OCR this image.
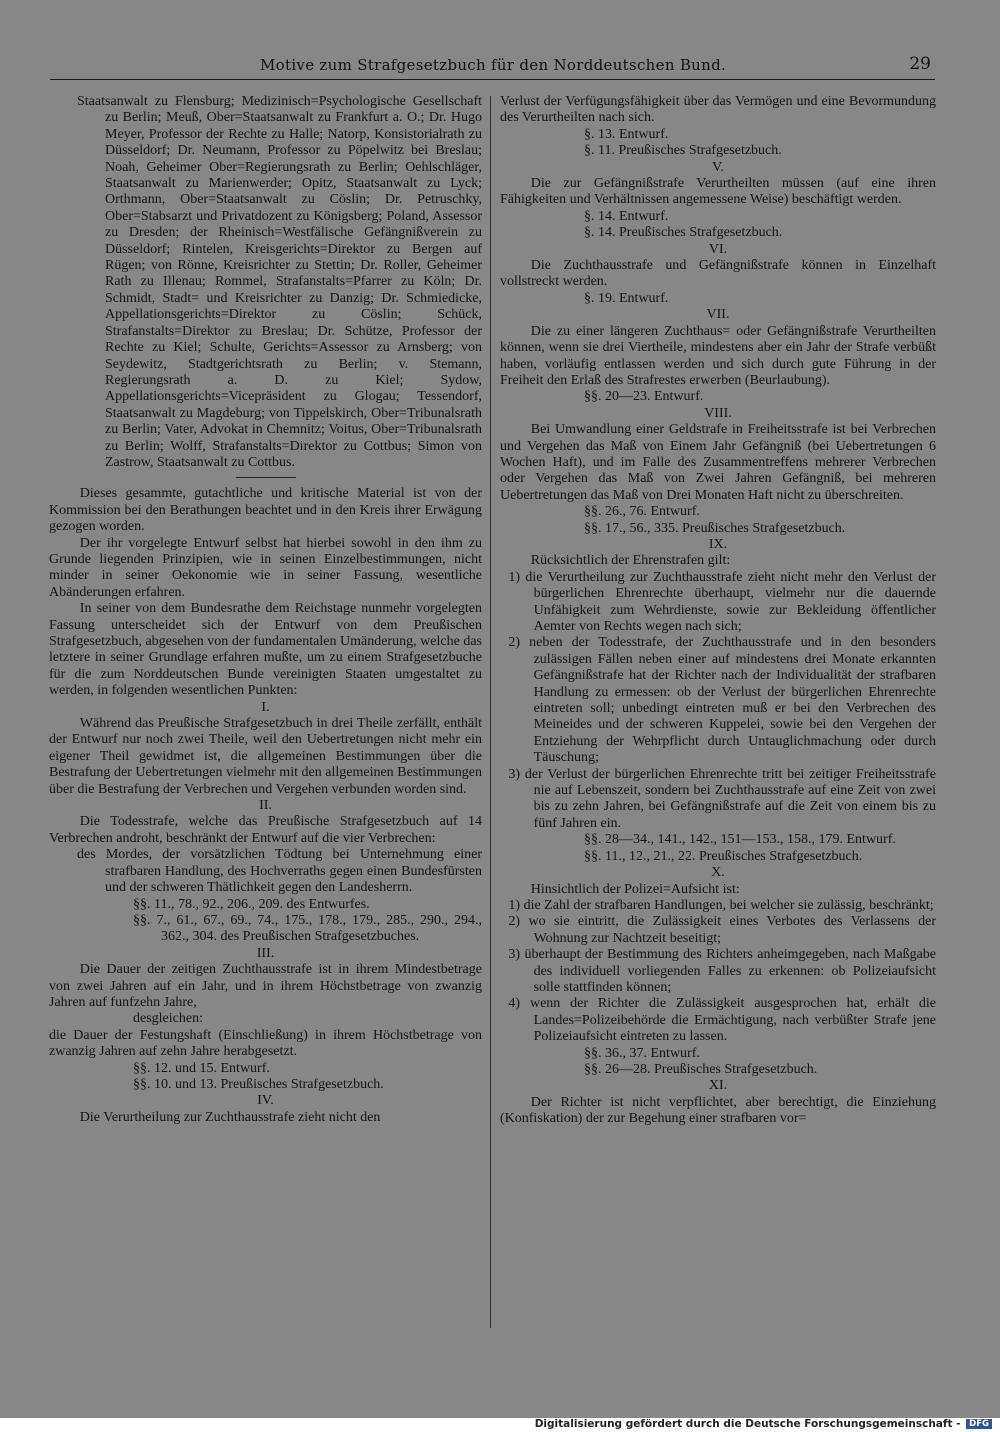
Motive zum Strafgesetzbuch für den Norddeutschen Bund.	29

Staatsanwalt zu Flensburg; Medizinisch=Psychologische Gesellschaft zu Berlin; Meuß, Ober=Staatsanwalt zu Frankfurt a. O.; Dr. Hugo Meyer, Professor der Rechte zu Halle; Natorp, Konsistorialrath zu Düsseldorf; Dr. Neumann, Professor zu Pöpelwitz bei Breslau; Noah, Geheimer Ober=Regierungsrath zu Berlin; Oehlschläger, Staatsanwalt zu Marienwerder; Opitz, Staatsanwalt zu Lyck; Orthmann, Ober=Staatsanwalt zu Cöslin; Dr. Petruschky, Ober=Stabsarzt und Privatdozent zu Königsberg; Poland, Assessor zu Dresden; der Rheinisch=Westfälische Gefängnißverein zu Düsseldorf; Rintelen, Kreisgerichts=Direktor zu Bergen auf Rügen; von Rönne, Kreisrichter zu Stettin; Dr. Roller, Geheimer Rath zu Illenau; Rommel, Strafanstalts=Pfarrer zu Köln; Dr. Schmidt, Stadt= und Kreisrichter zu Danzig; Dr. Schmiedicke, Appellationsgerichts=Direktor zu Cöslin; Schück, Strafanstalts=Direktor zu Breslau; Dr. Schütze, Professor der Rechte zu Kiel; Schulte, Gerichts=Assessor zu Arnsberg; von Seydewitz, Stadtgerichtsrath zu Berlin; v. Stemann, Regierungsrath a. D. zu Kiel; Sydow, Appellationsgerichts=Vicepräsident zu Glogau; Tessendorf, Staatsanwalt zu Magdeburg; von Tippelskirch, Ober=Tribunalsrath zu Berlin; Vater, Advokat in Chemnitz; Voitus, Ober=Tribunalsrath zu Berlin; Wolff, Strafanstalts=Direktor zu Cottbus; Simon von Zastrow, Staatsanwalt zu Cottbus.

Dieses gesammte, gutachtliche und kritische Material ist von der Kommission bei den Berathungen beachtet und in den Kreis ihrer Erwägung gezogen worden.

Der ihr vorgelegte Entwurf selbst hat hierbei sowohl in den ihm zu Grunde liegenden Prinzipien, wie in seinen Einzelbestimmungen, nicht minder in seiner Oekonomie wie in seiner Fassung, wesentliche Abänderungen erfahren.

In seiner von dem Bundesrathe dem Reichstage nunmehr vorgelegten Fassung unterscheidet sich der Entwurf von dem Preußischen Strafgesetzbuch, abgesehen von der fundamentalen Umänderung, welche das letztere in seiner Grundlage erfahren mußte, um zu einem Strafgesetzbuche für die zum Norddeutschen Bunde vereinigten Staaten umgestaltet zu werden, in folgenden wesentlichen Punkten:

I.

Während das Preußische Strafgesetzbuch in drei Theile zerfällt, enthält der Entwurf nur noch zwei Theile, weil den Uebertretungen nicht mehr ein eigener Theil gewidmet ist, die allgemeinen Bestimmungen über die Bestrafung der Uebertretungen vielmehr mit den allgemeinen Bestimmungen über die Bestrafung der Verbrechen und Vergehen verbunden worden sind.

II.

Die Todesstrafe, welche das Preußische Strafgesetzbuch auf 14 Verbrechen androht, beschränkt der Entwurf auf die vier Verbrechen:

des Mordes, der vorsätzlichen Tödtung bei Unternehmung einer strafbaren Handlung, des Hochverraths gegen einen Bundesfürsten und der schweren Thätlichkeit gegen den Landesherrn.

§§. 11., 78., 92., 206., 209. des Entwurfes.

§§. 7., 61., 67., 69., 74., 175., 178., 179., 285., 290., 294., 362., 304. des Preußischen Strafgesetzbuches.

III.

Die Dauer der zeitigen Zuchthausstrafe ist in ihrem Mindestbetrage von zwei Jahren auf ein Jahr, und in ihrem Höchstbetrage von zwanzig Jahren auf funfzehn Jahre,

desgleichen:

die Dauer der Festungshaft (Einschließung) in ihrem Höchstbetrage von zwanzig Jahren auf zehn Jahre herabgesetzt.

§§. 12. und 15. Entwurf.

§§. 10. und 13. Preußisches Strafgesetzbuch.

IV.

Die Verurtheilung zur Zuchthausstrafe zieht nicht den

Verlust der Verfügungsfähigkeit über das Vermögen und eine Bevormundung des Verurtheilten nach sich.

§. 13. Entwurf.

§. 11. Preußisches Strafgesetzbuch.

V.

Die zur Gefängnißstrafe Verurtheilten müssen (auf eine ihren Fähigkeiten und Verhältnissen angemessene Weise) beschäftigt werden.

§. 14. Entwurf.

§. 14. Preußisches Strafgesetzbuch.

VI.

Die Zuchthausstrafe und Gefängnißstrafe können in Einzelhaft vollstreckt werden.

§. 19. Entwurf.

VII.

Die zu einer längeren Zuchthaus= oder Gefängnißstrafe Verurtheilten können, wenn sie drei Viertheile, mindestens aber ein Jahr der Strafe verbüßt haben, vorläufig entlassen werden und sich durch gute Führung in der Freiheit den Erlaß des Strafrestes erwerben (Beurlaubung).

§§. 20—23. Entwurf.

VIII.

Bei Umwandlung einer Geldstrafe in Freiheitsstrafe ist bei Verbrechen und Vergehen das Maß von Einem Jahr Gefängniß (bei Uebertretungen 6 Wochen Haft), und im Falle des Zusammentreffens mehrerer Verbrechen oder Vergehen das Maß von Zwei Jahren Gefängniß, bei mehreren Uebertretungen das Maß von Drei Monaten Haft nicht zu überschreiten.

§§. 26., 76. Entwurf.

§§. 17., 56., 335. Preußisches Strafgesetzbuch.

IX.

Rücksichtlich der Ehrenstrafen gilt:

1) die Verurtheilung zur Zuchthausstrafe zieht nicht mehr den Verlust der bürgerlichen Ehrenrechte überhaupt, vielmehr nur die dauernde Unfähigkeit zum Wehrdienste, sowie zur Bekleidung öffentlicher Aemter von Rechts wegen nach sich;

2) neben der Todesstrafe, der Zuchthausstrafe und in den besonders zulässigen Fällen neben einer auf mindestens drei Monate erkannten Gefängnißstrafe hat der Richter nach der Individualität der strafbaren Handlung zu ermessen: ob der Verlust der bürgerlichen Ehrenrechte eintreten soll; unbedingt eintreten muß er bei den Verbrechen des Meineides und der schweren Kuppelei, sowie bei den Vergehen der Entziehung der Wehrpflicht durch Untauglichmachung oder durch Täuschung;

3) der Verlust der bürgerlichen Ehrenrechte tritt bei zeitiger Freiheitsstrafe nie auf Lebenszeit, sondern bei Zuchthausstrafe auf eine Zeit von zwei bis zu zehn Jahren, bei Gefängnißstrafe auf die Zeit von einem bis zu fünf Jahren ein.

§§. 28—34., 141., 142., 151—153., 158., 179. Entwurf.

§§. 11., 12., 21., 22. Preußisches Strafgesetzbuch.

X.

Hinsichtlich der Polizei=Aufsicht ist:

1) die Zahl der strafbaren Handlungen, bei welcher sie zulässig, beschränkt;

2) wo sie eintritt, die Zulässigkeit eines Verbotes des Verlassens der Wohnung zur Nachtzeit beseitigt;

3) überhaupt der Bestimmung des Richters anheimgegeben, nach Maßgabe des individuell vorliegenden Falles zu erkennen: ob Polizeiaufsicht solle stattfinden können;

4) wenn der Richter die Zulässigkeit ausgesprochen hat, erhält die Landes=Polizeibehörde die Ermächtigung, nach verbüßter Strafe jene Polizeiaufsicht eintreten zu lassen.

§§. 36., 37. Entwurf.

§§. 26—28. Preußisches Strafgesetzbuch.

XI.

Der Richter ist nicht verpflichtet, aber berechtigt, die Einziehung (Konfiskation) der zur Begehung einer strafbaren vor=

Digitalisierung gefördert durch die Deutsche Forschungsgemeinschaft - DFG
